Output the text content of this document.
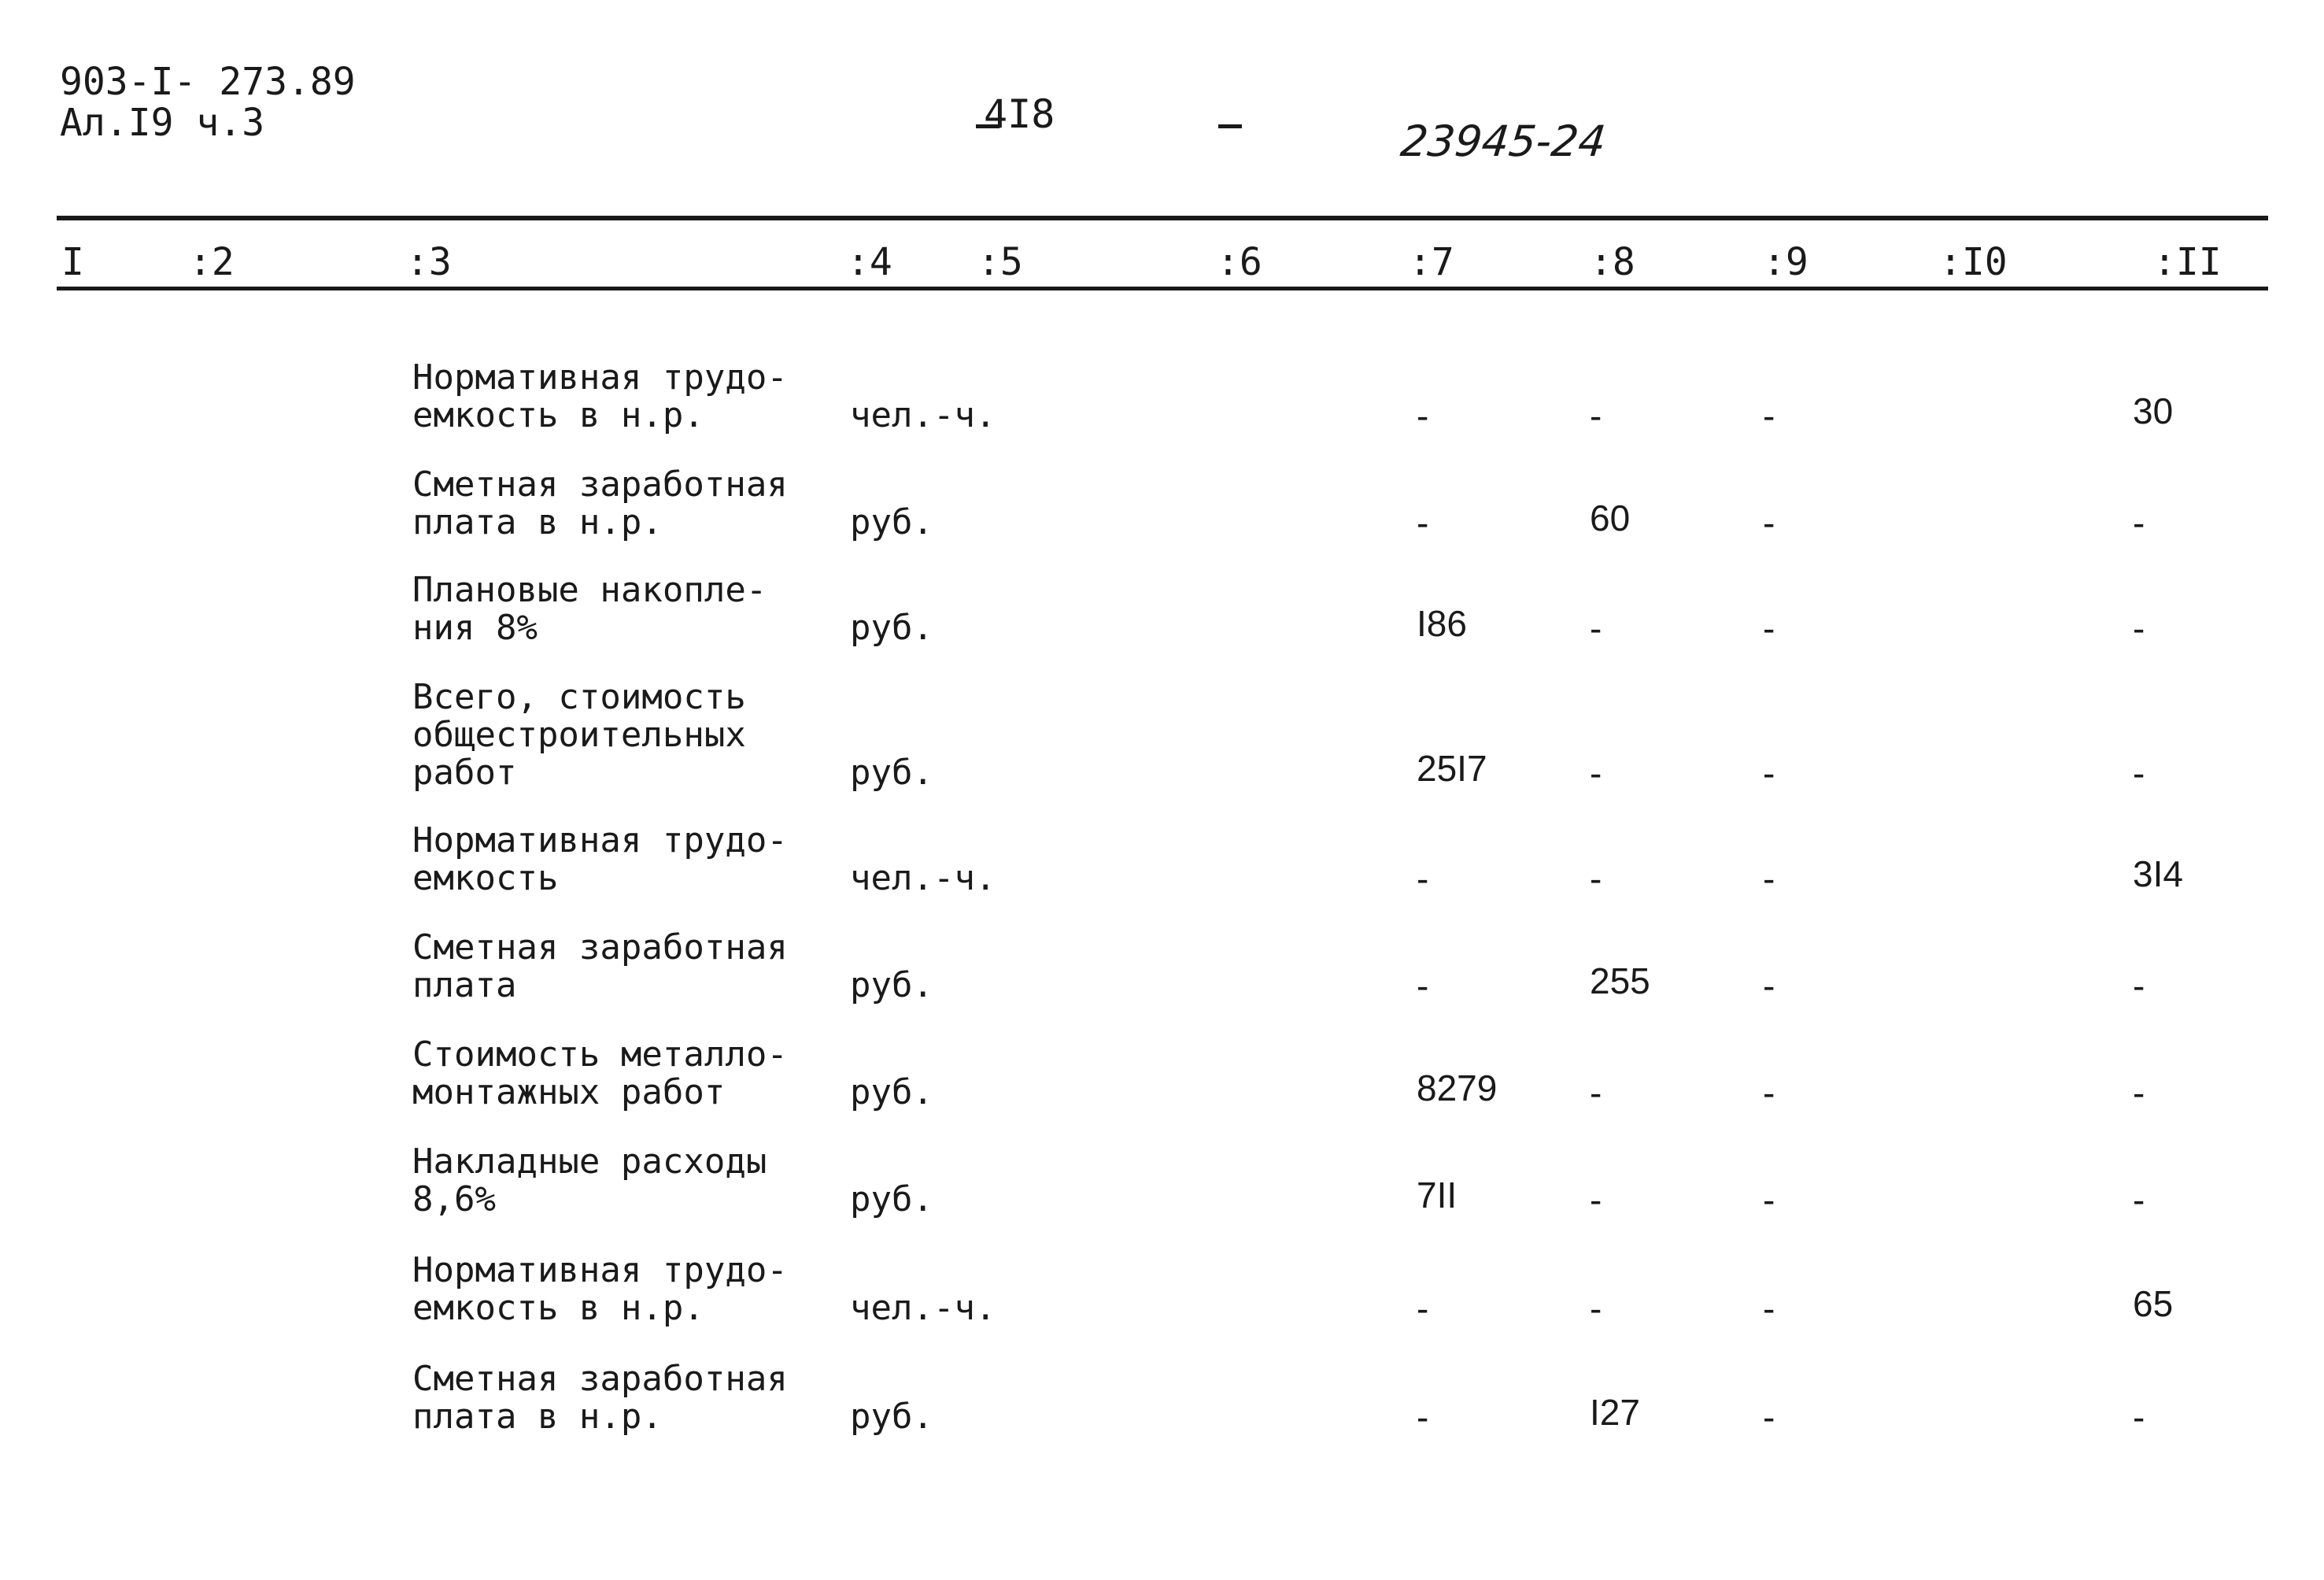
903-I- 273.89
Ал.I9 ч.3	4I8
23945-24
I	:2	:3	:4 :5	:6	:7	:8	:9	:I0	:II
Нормативная трудо-
емкость в н.р.	чел.-ч.	-	-	-	30
Сметная заработная
плата в н.р.	руб.	-	60	-	-
Плановые накопле-
ния 8%	руб.	I86	-	-	-
Всего, стоимость
общестроительных
работ	руб.	25I7	-	-	-
Нормативная трудо-
емкость	чел.-ч.	-	-	-	3I4
Сметная заработная
плата	руб.	-	255	-	-
Стоимость металло-
монтажных работ	руб.	8279	-	-	-
Накладные расходы
8,6%	руб.	7II	-	-	-
Нормативная трудо-
емкость в н.р.	чел.-ч.	-	-	-	65
Сметная заработная
плата в н.р.	руб.	-	I27	-	-
